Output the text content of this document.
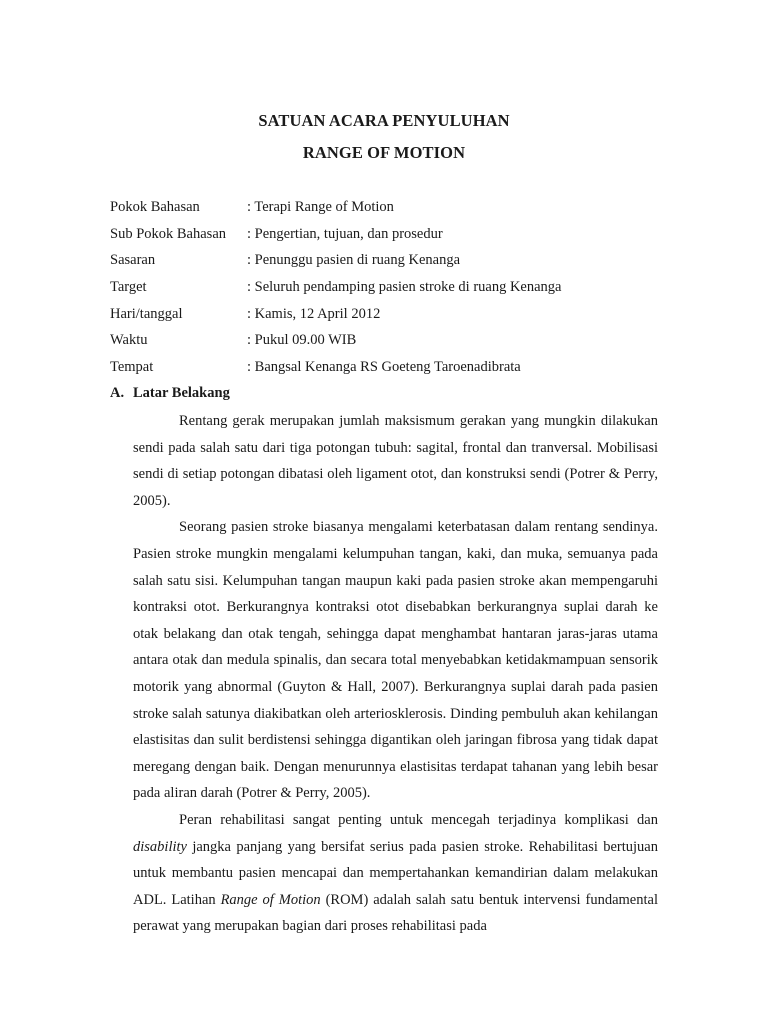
SATUAN ACARA PENYULUHAN
RANGE OF MOTION
Pokok Bahasan	: Terapi Range of Motion
Sub Pokok Bahasan : Pengertian, tujuan, dan prosedur
Sasaran	: Penunggu pasien di ruang Kenanga
Target	: Seluruh pendamping pasien stroke di ruang Kenanga
Hari/tanggal	: Kamis, 12 April 2012
Waktu	: Pukul 09.00 WIB
Tempat	: Bangsal Kenanga RS Goeteng Taroenadibrata
A. Latar Belakang

Rentang gerak merupakan jumlah maksismum gerakan yang mungkin dilakukan sendi pada salah satu dari tiga potongan tubuh: sagital, frontal dan tranversal. Mobilisasi sendi di setiap potongan dibatasi oleh ligament otot, dan konstruksi sendi (Potrer & Perry, 2005).

Seorang pasien stroke biasanya mengalami keterbatasan dalam rentang sendinya. Pasien stroke mungkin mengalami kelumpuhan tangan, kaki, dan muka, semuanya pada salah satu sisi. Kelumpuhan tangan maupun kaki pada pasien stroke akan mempengaruhi kontraksi otot. Berkurangnya kontraksi otot disebabkan berkurangnya suplai darah ke otak belakang dan otak tengah, sehingga dapat menghambat hantaran jaras-jaras utama antara otak dan medula spinalis, dan secara total menyebabkan ketidakmampuan sensorik motorik yang abnormal (Guyton & Hall, 2007). Berkurangnya suplai darah pada pasien stroke salah satunya diakibatkan oleh arteriosklerosis. Dinding pembuluh akan kehilangan elastisitas dan sulit berdistensi sehingga digantikan oleh jaringan fibrosa yang tidak dapat meregang dengan baik. Dengan menurunnya elastisitas terdapat tahanan yang lebih besar pada aliran darah (Potrer & Perry, 2005).

Peran rehabilitasi sangat penting untuk mencegah terjadinya komplikasi dan disability jangka panjang yang bersifat serius pada pasien stroke. Rehabilitasi bertujuan untuk membantu pasien mencapai dan mempertahankan kemandirian dalam melakukan ADL. Latihan Range of Motion (ROM) adalah salah satu bentuk intervensi fundamental perawat yang merupakan bagian dari proses rehabilitasi pada
